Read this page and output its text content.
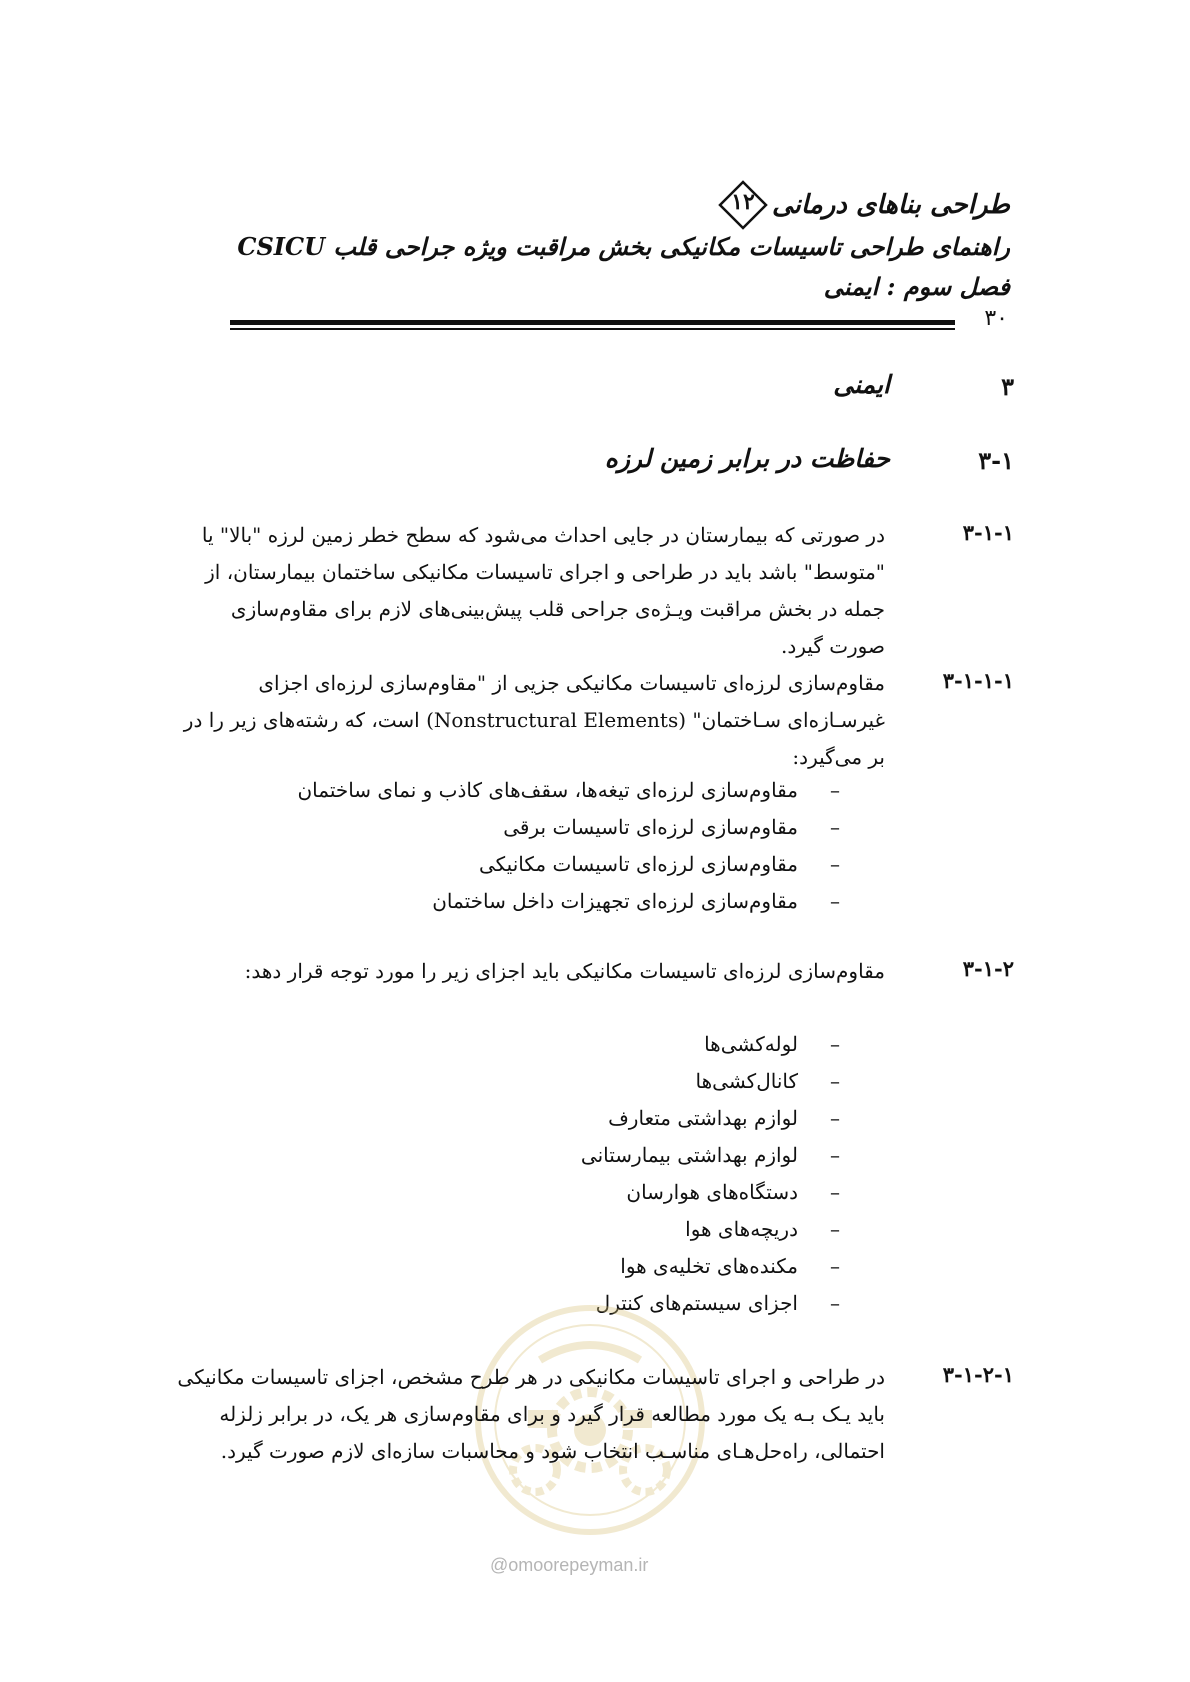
طراحی بناهای درمانی
۱۲
راهنمای طراحی تاسیسات مکانیکی بخش مراقبت ویژه جراحی قلب CSICU
فصل سوم : ایمنی
۳۰
۳
ایمنی
۳-۱
حفاظت در برابر زمین لرزه
۳-۱-۱
در صورتی که بیمارستان در جایی احداث می‌شود که سطح خطر زمین لرزه "بالا" یا "متوسط" باشد باید در طراحی و اجرای تاسیسات مکانیکی ساختمان بیمارستان، از جمله در بخش مراقبت ویـژه‌ی جراحی قلب پیش‌بینی‌های لازم برای مقاوم‌سازی صورت گیرد.
۳-۱-۱-۱
مقاوم‌سازی لرزه‌ای تاسیسات مکانیکی جزیی از "مقاوم‌سازی لرزه‌ای اجزای غیرسـازه‌ای سـاختمان" (Nonstructural Elements) است، که رشته‌های زیر را در بر می‌گیرد:
–
مقاوم‌سازی لرزه‌ای تیغه‌ها، سقف‌های کاذب و نمای ساختمان
–
مقاوم‌سازی لرزه‌ای تاسیسات برقی
–
مقاوم‌سازی لرزه‌ای تاسیسات مکانیکی
–
مقاوم‌سازی لرزه‌ای تجهیزات داخل ساختمان
۳-۱-۲
مقاوم‌سازی لرزه‌ای تاسیسات مکانیکی باید اجزای زیر را مورد توجه قرار دهد:
–
لوله‌کشی‌ها
–
کانال‌کشی‌ها
–
لوازم بهداشتی متعارف
–
لوازم بهداشتی بیمارستانی
–
دستگاه‌های هوارسان
–
دریچه‌های هوا
–
مکنده‌های تخلیه‌ی هوا
–
اجزای سیستم‌های کنترل
@omoorepeyman.ir
۳-۱-۲-۱
در طراحی و اجرای تاسیسات مکانیکی در هر طرح مشخص، اجزای تاسیسات مکانیکی باید یـک بـه یک مورد مطالعه قرار گیرد و برای مقاوم‌سازی هر یک، در برابر زلزله احتمالی، راه‌حل‌هـای مناسـب انتخاب شود و محاسبات سازه‌ای لازم صورت گیرد.
